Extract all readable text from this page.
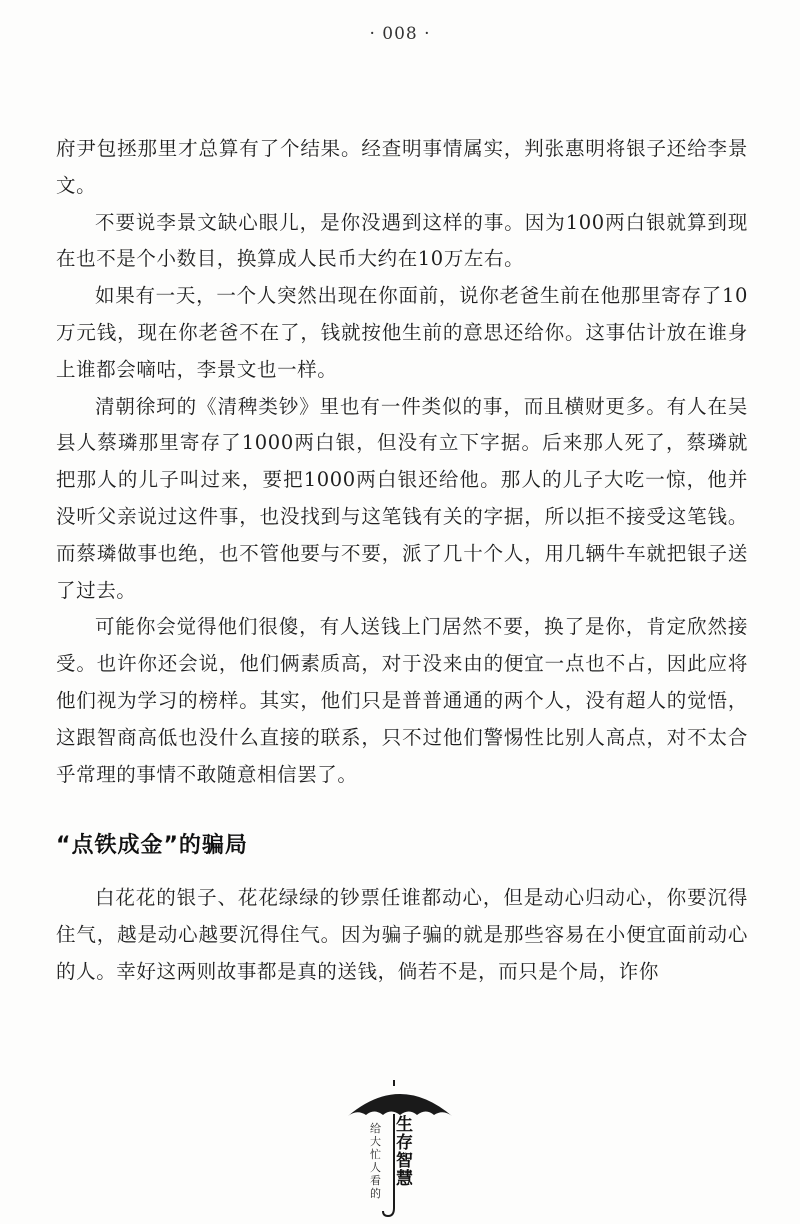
· 008 ·

府尹包拯那里才总算有了个结果。经查明事情属实，判张惠明将银子还给李景文。

不要说李景文缺心眼儿，是你没遇到这样的事。因为100两白银就算到现在也不是个小数目，换算成人民币大约在10万左右。

如果有一天，一个人突然出现在你面前，说你老爸生前在他那里寄存了10万元钱，现在你老爸不在了，钱就按他生前的意思还给你。这事估计放在谁身上谁都会嘀咕，李景文也一样。

清朝徐珂的《清稗类钞》里也有一件类似的事，而且横财更多。有人在吴县人蔡璘那里寄存了1000两白银，但没有立下字据。后来那人死了，蔡璘就把那人的儿子叫过来，要把1000两白银还给他。那人的儿子大吃一惊，他并没听父亲说过这件事，也没找到与这笔钱有关的字据，所以拒不接受这笔钱。而蔡璘做事也绝，也不管他要与不要，派了几十个人，用几辆牛车就把银子送了过去。

可能你会觉得他们很傻，有人送钱上门居然不要，换了是你，肯定欣然接受。也许你还会说，他们俩素质高，对于没来由的便宜一点也不占，因此应将他们视为学习的榜样。其实，他们只是普普通通的两个人，没有超人的觉悟，这跟智商高低也没什么直接的联系，只不过他们警惕性比别人高点，对不太合乎常理的事情不敢随意相信罢了。

“点铁成金”的骗局

白花花的银子、花花绿绿的钞票任谁都动心，但是动心归动心，你要沉得住气，越是动心越要沉得住气。因为骗子骗的就是那些容易在小便宜面前动心的人。幸好这两则故事都是真的送钱，倘若不是，而只是个局，诈你

生存智慧
给大忙人看的
